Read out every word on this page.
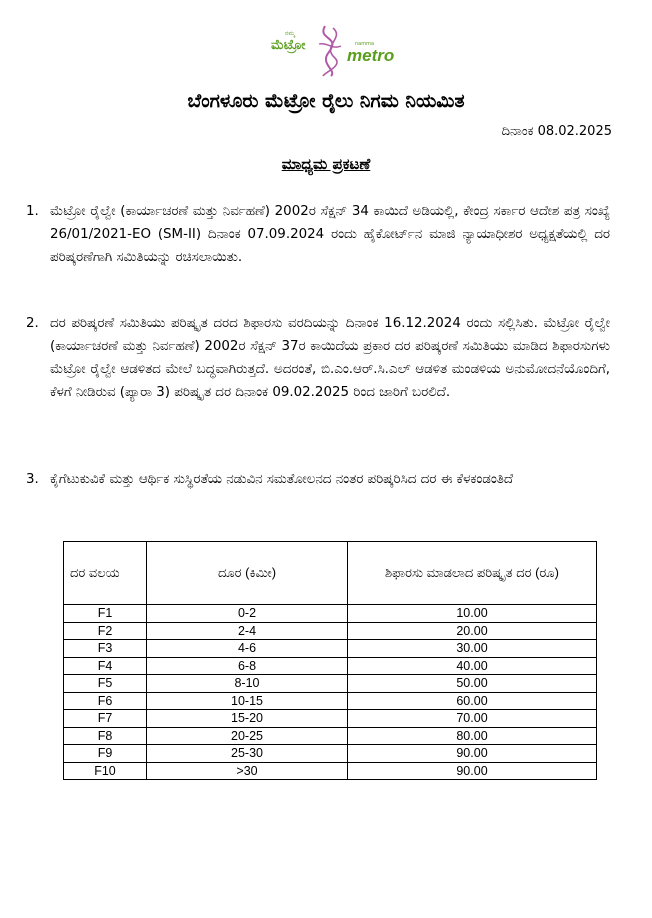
ನಮ್ಮ
ಮೆಟ್ರೋ	namma
metro
ಬೆಂಗಳೂರು ಮೆಟ್ರೋ ರೈಲು ನಿಗಮ ನಿಯಮಿತ
ದಿನಾಂಕ 08.02.2025
ಮಾಧ್ಯಮ ಪ್ರಕಟಣೆ
1. ಮೆಟ್ರೋ ರೈಲ್ವೇ (ಕಾರ್ಯಾಚರಣೆ ಮತ್ತು ನಿರ್ವಹಣೆ) 2002ರ ಸೆಕ್ಷನ್ 34 ಕಾಯಿದೆ ಅಡಿಯಲ್ಲಿ, ಕೇಂದ್ರ ಸರ್ಕಾರ ಆದೇಶ ಪತ್ರ ಸಂಖ್ಯೆ 26/01/2021-EO (SM-II) ದಿನಾಂಕ 07.09.2024 ರಂದು ಹೈಕೋರ್ಟ್‌ನ ಮಾಜಿ ನ್ಯಾಯಾಧೀಶರ ಅಧ್ಯಕ್ಷತೆಯಲ್ಲಿ ದರ ಪರಿಷ್ಕರಣೆಗಾಗಿ ಸಮಿತಿಯನ್ನು ರಚಿಸಲಾಯಿತು.
2. ದರ ಪರಿಷ್ಕರಣೆ ಸಮಿತಿಯು ಪರಿಷ್ಕೃತ ದರದ ಶಿಫಾರಸು ವರದಿಯನ್ನು ದಿನಾಂಕ 16.12.2024 ರಂದು ಸಲ್ಲಿಸಿತು. ಮೆಟ್ರೋ ರೈಲ್ವೇ (ಕಾರ್ಯಾಚರಣೆ ಮತ್ತು ನಿರ್ವಹಣೆ) 2002ರ ಸೆಕ್ಷನ್ 37ರ ಕಾಯಿದೆಯ ಪ್ರಕಾರ ದರ ಪರಿಷ್ಕರಣೆ ಸಮಿತಿಯು ಮಾಡಿದ ಶಿಫಾರಸುಗಳು ಮೆಟ್ರೋ ರೈಲ್ವೇ ಆಡಳಿತದ ಮೇಲೆ ಬದ್ಧವಾಗಿರುತ್ತದೆ. ಅದರಂತೆ, ಬಿ.ಎಂ.ಆರ್.ಸಿ.ಎಲ್ ಆಡಳಿತ ಮಂಡಳಿಯ ಅನುಮೋದನೆಯೊಂದಿಗೆ, ಕೆಳಗೆ ನೀಡಿರುವ (ಪ್ಯಾರಾ 3) ಪರಿಷ್ಕೃತ ದರ ದಿನಾಂಕ 09.02.2025 ರಿಂದ ಜಾರಿಗೆ ಬರಲಿದೆ.
3. ಕೈಗೆಟುಕುವಿಕೆ ಮತ್ತು ಆರ್ಥಿಕ ಸುಸ್ಥಿರತೆಯ ನಡುವಿನ ಸಮತೋಲನದ ನಂತರ ಪರಿಷ್ಕರಿಸಿದ ದರ ಈ ಕೆಳಕಂಡಂತಿದೆ
ದರ ವಲಯ	ದೂರ (ಕಿಮೀ)	ಶಿಫಾರಸು ಮಾಡಲಾದ ಪರಿಷ್ಕೃತ ದರ (ರೂ)
F1	0-2	10.00
F2	2-4	20.00
F3	4-6	30.00
F4	6-8	40.00
F5	8-10	50.00
F6	10-15	60.00
F7	15-20	70.00
F8	20-25	80.00
F9	25-30	90.00
F10	>30	90.00
